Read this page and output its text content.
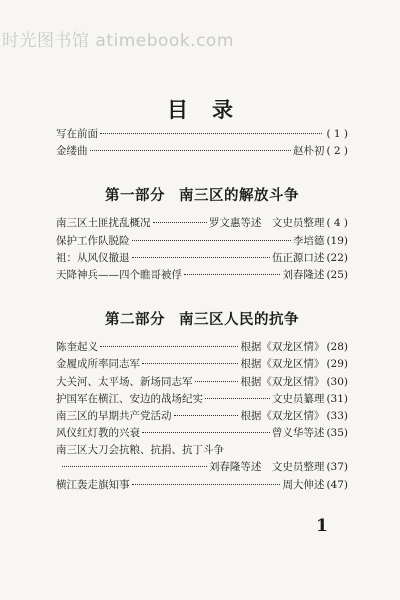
时光图书馆 atimebook.com
目录
写在前面	( 1 )
金缕曲	赵朴初 ( 2 )
第一部分 南三区的解放斗争
南三区土匪扰乱概况	罗文惠等述　文史员整理 ( 4 )
保护工作队脱险	李培德 (19)
祖：从风仪撤退	伍正源口述 (22)
天降神兵——四个瞧哥被俘	刘春隆述 (25)
第二部分 南三区人民的抗争
陈奎起义	根据《双龙区情》 (28)
金履成所率同志军	根据《双龙区情》 (29)
大关河、太平场、新场同志军	根据《双龙区情》 (30)
护国军在横江、安边的战场纪实	文史员纂理 (31)
南三区的早期共产党活动	根据《双龙区情》 (33)
风仪红灯教的兴衰	曾义华等述 (35)
南三区大刀会抗粮、抗捐、抗丁斗争
刘春隆等述　文史员整理 (37)
横江轰走旗知事	周大伸述 (47)
1
